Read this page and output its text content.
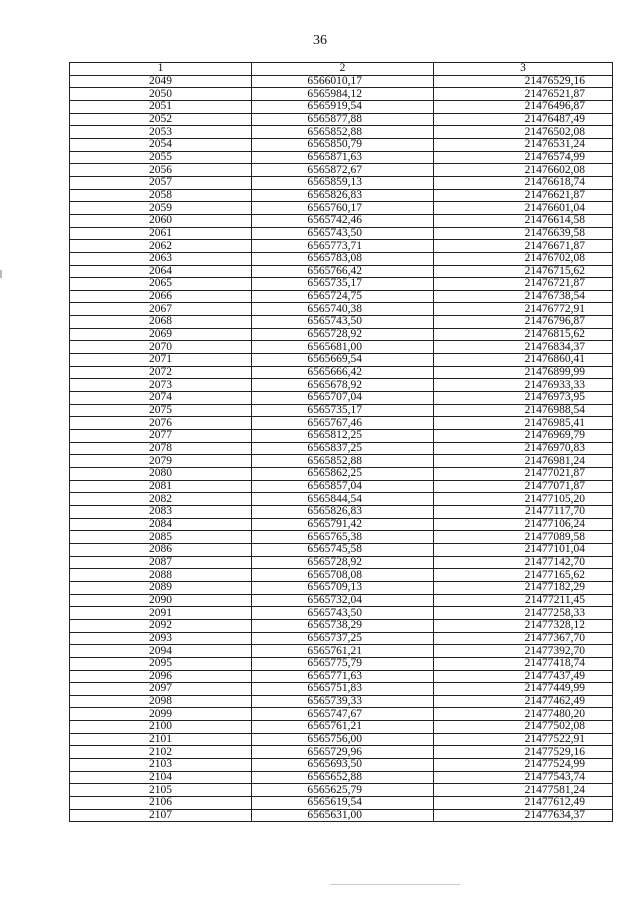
36
1	2	3
2049	6566010,17	21476529,16
2050	6565984,12	21476521,87
2051	6565919,54	21476496,87
2052	6565877,88	21476487,49
2053	6565852,88	21476502,08
2054	6565850,79	21476531,24
2055	6565871,63	21476574,99
2056	6565872,67	21476602,08
2057	6565859,13	21476618,74
2058	6565826,83	21476621,87
2059	6565760,17	21476601,04
2060	6565742,46	21476614,58
2061	6565743,50	21476639,58
2062	6565773,71	21476671,87
2063	6565783,08	21476702,08
2064	6565766,42	21476715,62
2065	6565735,17	21476721,87
2066	6565724,75	21476738,54
2067	6565740,38	21476772,91
2068	6565743,50	21476796,87
2069	6565728,92	21476815,62
2070	6565681,00	21476834,37
2071	6565669,54	21476860,41
2072	6565666,42	21476899,99
2073	6565678,92	21476933,33
2074	6565707,04	21476973,95
2075	6565735,17	21476988,54
2076	6565767,46	21476985,41
2077	6565812,25	21476969,79
2078	6565837,25	21476970,83
2079	6565852,88	21476981,24
2080	6565862,25	21477021,87
2081	6565857,04	21477071,87
2082	6565844,54	21477105,20
2083	6565826,83	21477117,70
2084	6565791,42	21477106,24
2085	6565765,38	21477089,58
2086	6565745,58	21477101,04
2087	6565728,92	21477142,70
2088	6565708,08	21477165,62
2089	6565709,13	21477182,29
2090	6565732,04	21477211,45
2091	6565743,50	21477258,33
2092	6565738,29	21477328,12
2093	6565737,25	21477367,70
2094	6565761,21	21477392,70
2095	6565775,79	21477418,74
2096	6565771,63	21477437,49
2097	6565751,83	21477449,99
2098	6565739,33	21477462,49
2099	6565747,67	21477480,20
2100	6565761,21	21477502,08
2101	6565756,00	21477522,91
2102	6565729,96	21477529,16
2103	6565693,50	21477524,99
2104	6565652,88	21477543,74
2105	6565625,79	21477581,24
2106	6565619,54	21477612,49
2107	6565631,00	21477634,37
